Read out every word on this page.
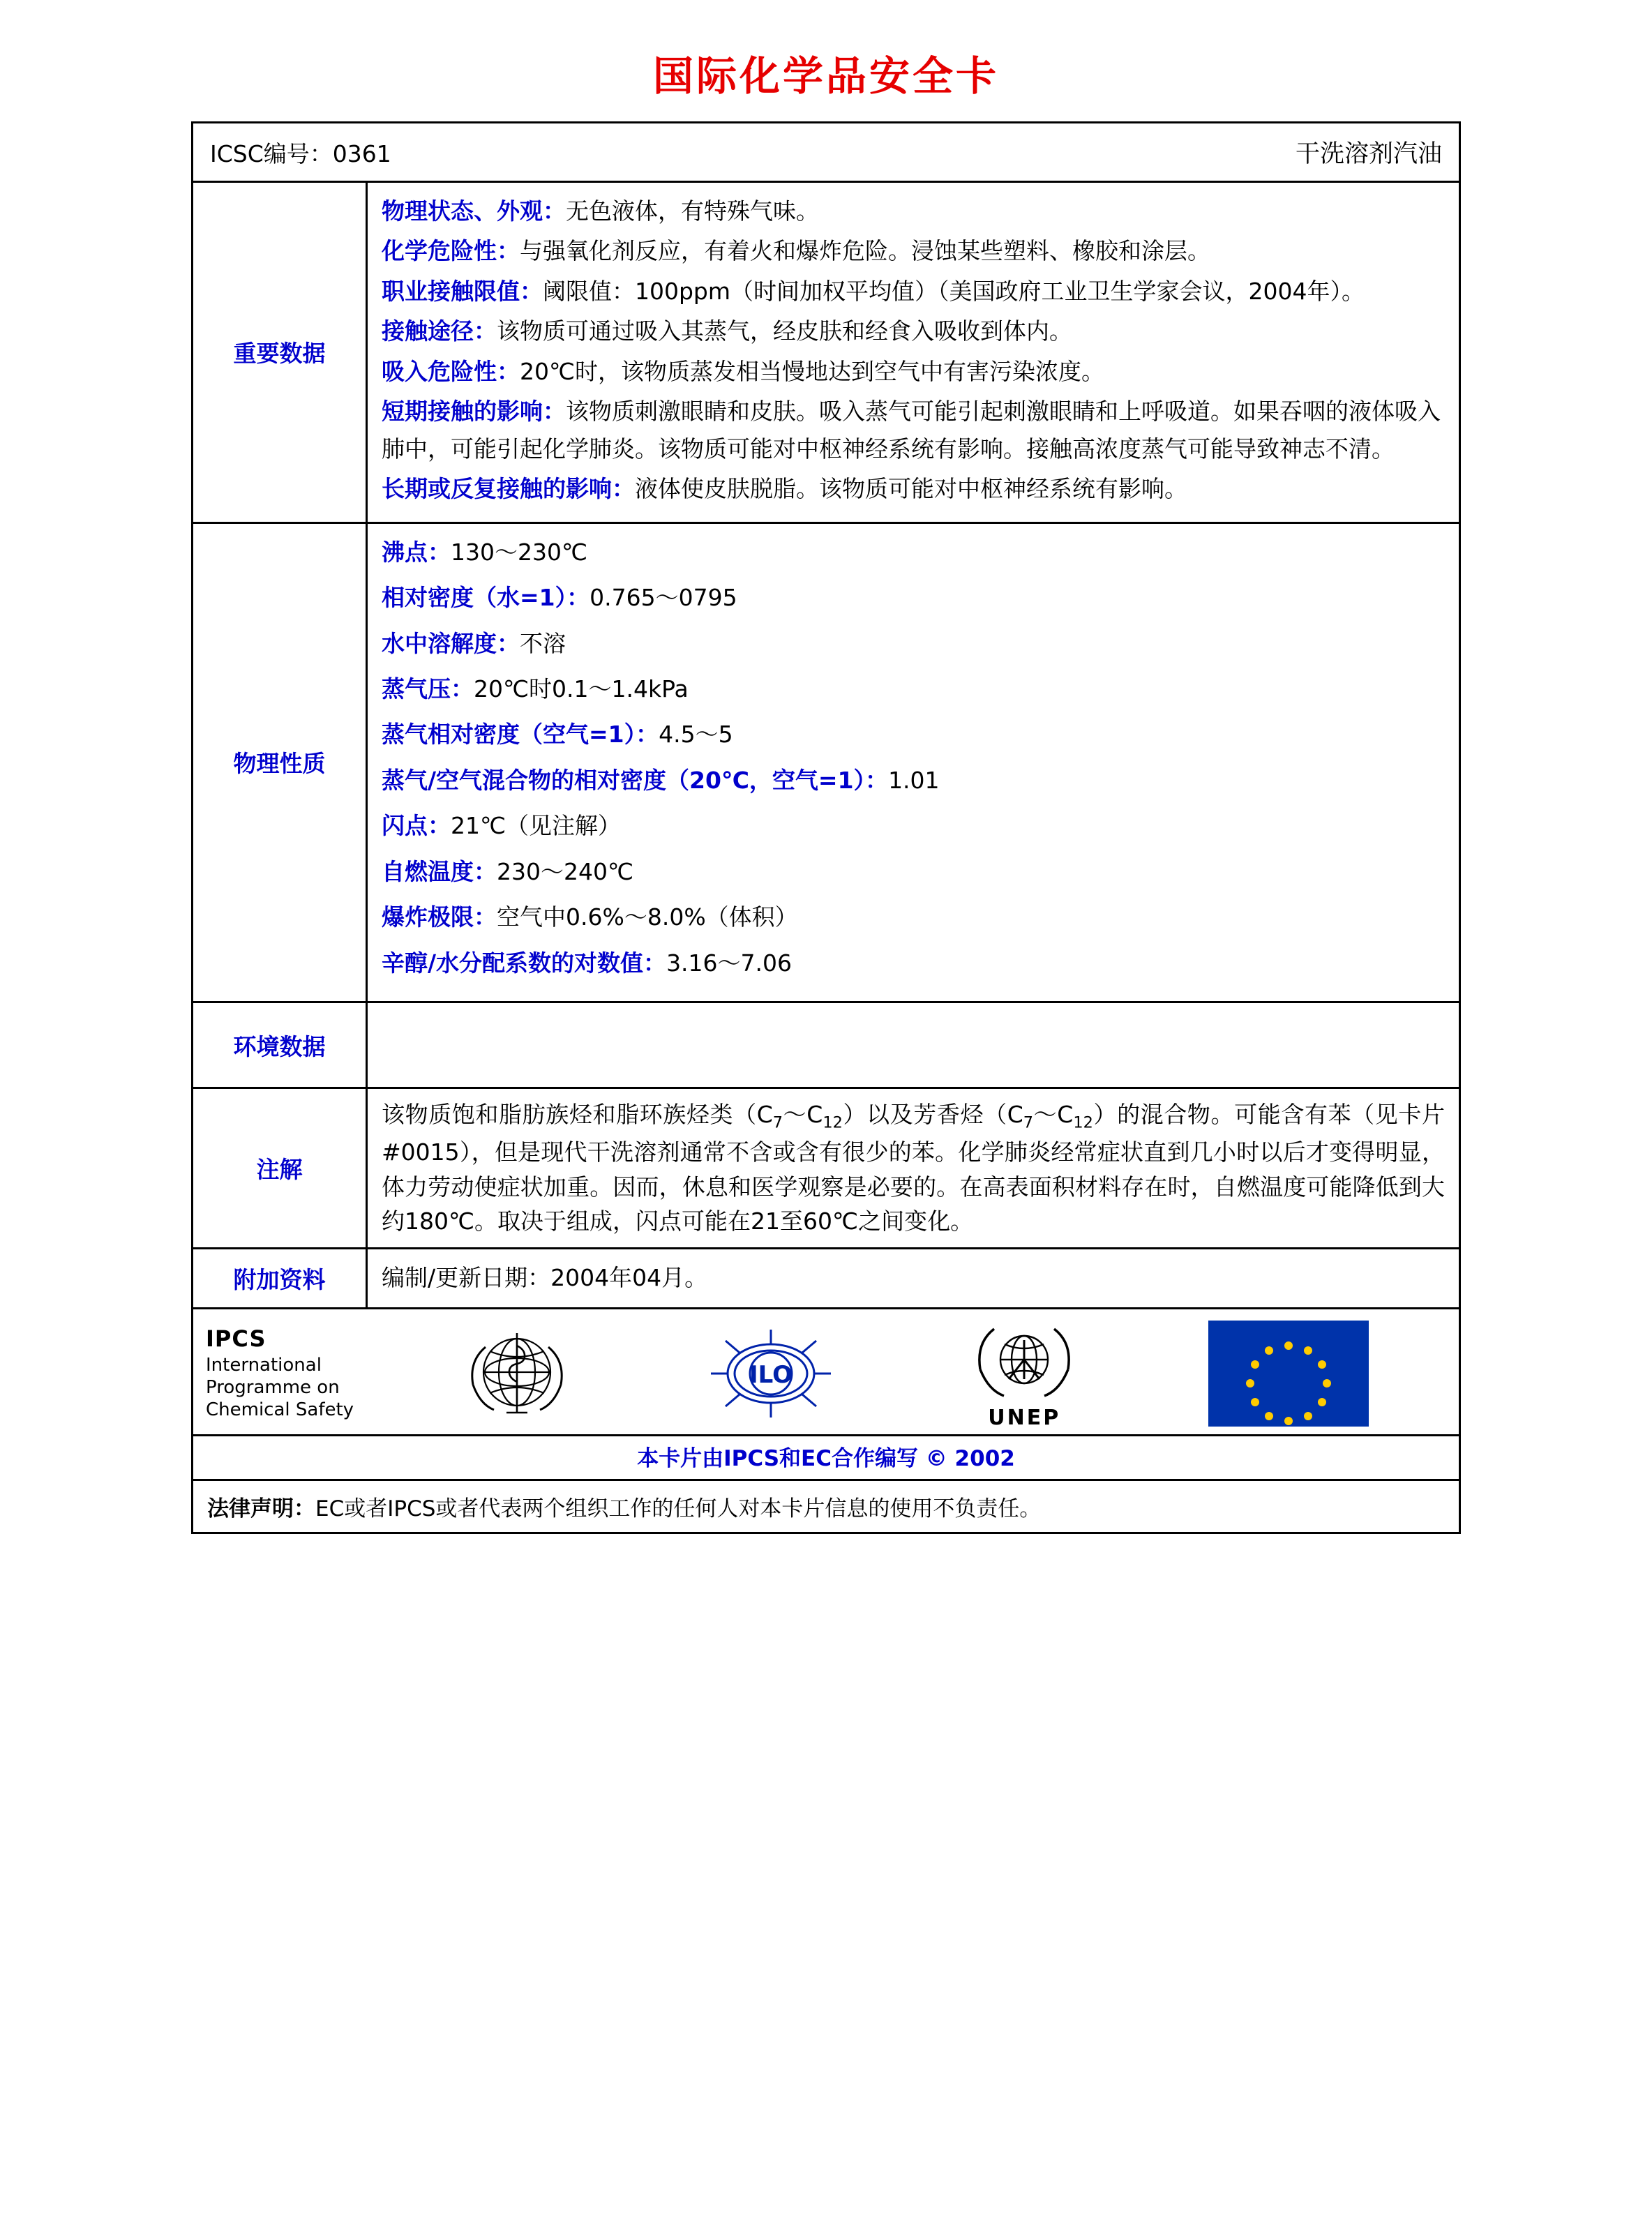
国际化学品安全卡
ICSC编号：0361	干洗溶剂汽油
重要数据
物理状态、外观：无色液体，有特殊气味。
化学危险性：与强氧化剂反应，有着火和爆炸危险。浸蚀某些塑料、橡胶和涂层。
职业接触限值：阈限值：100ppm（时间加权平均值）（美国政府工业卫生学家会议，2004年）。
接触途径：该物质可通过吸入其蒸气，经皮肤和经食入吸收到体内。
吸入危险性：20℃时，该物质蒸发相当慢地达到空气中有害污染浓度。
短期接触的影响：该物质刺激眼睛和皮肤。吸入蒸气可能引起刺激眼睛和上呼吸道。如果吞咽的液体吸入肺中，可能引起化学肺炎。该物质可能对中枢神经系统有影响。接触高浓度蒸气可能导致神志不清。
长期或反复接触的影响：液体使皮肤脱脂。该物质可能对中枢神经系统有影响。
物理性质
沸点：130～230℃
相对密度（水=1）：0.765～0795
水中溶解度：不溶
蒸气压：20℃时0.1～1.4kPa
蒸气相对密度（空气=1）：4.5～5
蒸气/空气混合物的相对密度（20℃，空气=1）：1.01
闪点：21℃（见注解）
自燃温度：230～240℃
爆炸极限：空气中0.6%～8.0%（体积）
辛醇/水分配系数的对数值：3.16～7.06
环境数据
注解
该物质饱和脂肪族烃和脂环族烃类$(C_7\sim C_{12})$以及芳香烃$(C_7\sim C_{12})$的混合物。可能含有苯（见卡片#0015），但是现代干洗溶剂通常不含或含有很少的苯。化学肺炎经常症状直到几小时以后才变得明显，体力劳动使症状加重。因而，休息和医学观察是必要的。在高表面积材料存在时，自燃温度可能降低到大约180℃。取决于组成，闪点可能在21至60℃之间变化。
附加资料	编制/更新日期：2004年04月。
IPCS
International
Programme on
Chemical Safety
ILO
UNEP
本卡片由IPCS和EC合作编写 © 2002
法律声明：EC或者IPCS或者代表两个组织工作的任何人对本卡片信息的使用不负责任。
